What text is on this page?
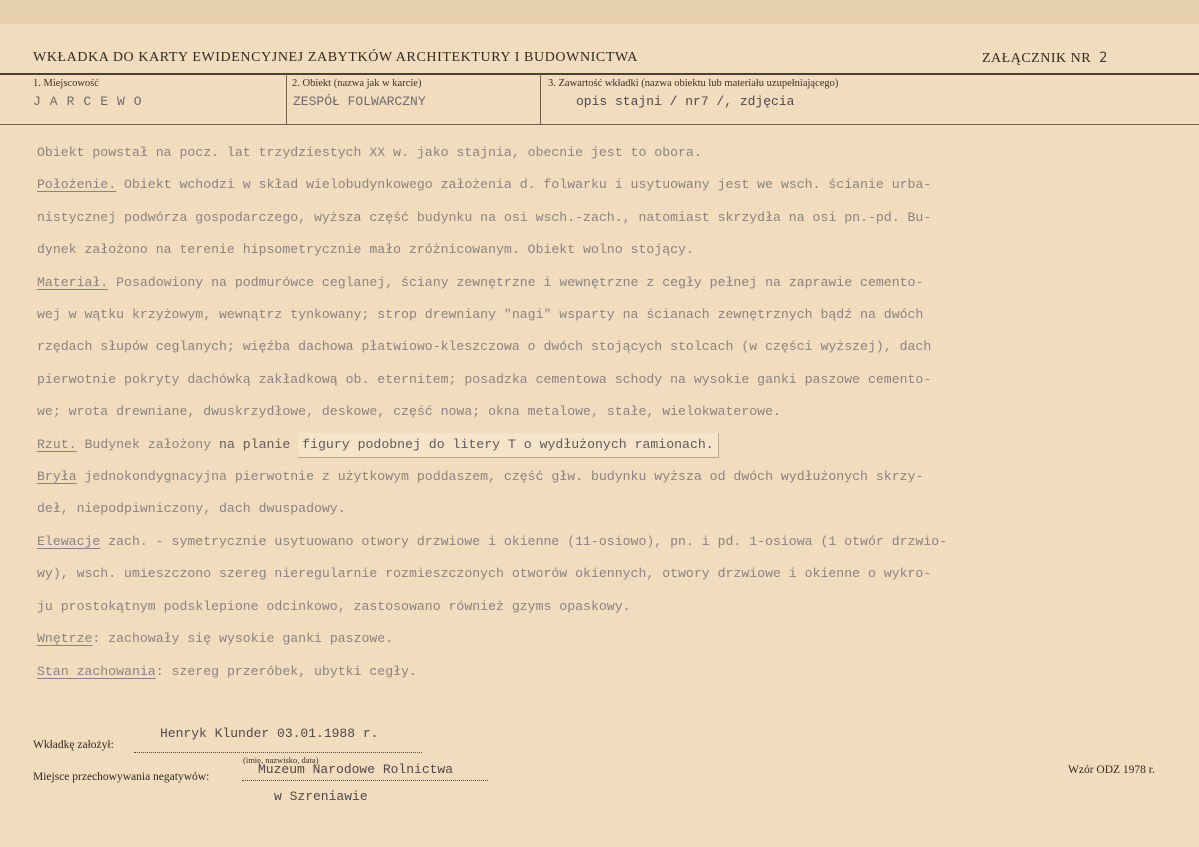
WKŁADKA DO KARTY EWIDENCYJNEJ ZABYTKÓW ARCHITEKTURY I BUDOWNICTWA	ZAŁĄCZNIK NR 2
1. Miejscowość
JARCEWO
2. Obiekt (nazwa jak w karcie)
ZESPÓŁ FOLWARCZNY
3. Zawartość wkładki (nazwa obiektu lub materiału uzupełniającego)
opis stajni / nr7 /, zdjęcia

Obiekt powstał na pocz. lat trzydziestych XX w. jako stajnia, obecnie jest to obora.

Położenie. Obiekt wchodzi w skład wielobudynkowego założenia d. folwarku i usytuowany jest we wsch. ścianie urba-

nistycznej podwórza gospodarczego, wyższa część budynku na osi wsch.-zach., natomiast skrzydła na osi pn.-pd. Bu-

dynek założono na terenie hipsometrycznie mało zróżnicowanym. Obiekt wolno stojący.

Materiał. Posadowiony na podmurówce ceglanej, ściany zewnętrzne i wewnętrzne z cegły pełnej na zaprawie cemento-

wej w wątku krzyżowym, wewnątrz tynkowany; strop drewniany "nagi" wsparty na ścianach zewnętrznych bądź na dwóch

rzędach słupów ceglanych; więźba dachowa płatwiowo-kleszczowa o dwóch stojących stolcach (w części wyższej), dach

pierwotnie pokryty dachówką zakładkową ob. eternitem; posadzka cementowa schody na wysokie ganki paszowe cemento-

we; wrota drewniane, dwuskrzydłowe, deskowe, część nowa; okna metalowe, stałe, wielokwaterowe.

Rzut. Budynek założony na planie figury podobnej do litery T o wydłużonych ramionach.

Bryła jednokondygnacyjna pierwotnie z użytkowym poddaszem, część głw. budynku wyższa od dwóch wydłużonych skrzy-

deł, niepodpiwniczony, dach dwuspadowy.

Elewacje zach. - symetrycznie usytuowano otwory drzwiowe i okienne (11-osiowo), pn. i pd. 1-osiowa (1 otwór drzwio-

wy), wsch. umieszczono szereg nieregularnie rozmieszczonych otworów okiennych, otwory drzwiowe i okienne o wykro-

ju prostokątnym podsklepione odcinkowo, zastosowano również gzyms opaskowy.

Wnętrze: zachowały się wysokie ganki paszowe.

Stan zachowania: szereg przeróbek, ubytki cegły.

Henryk Klunder 03.01.1988 r.
Wkładkę założył:
(imię, nazwisko, data)
Muzeum Narodowe Rolnictwa
Miejsce przechowywania negatywów:
w Szreniawie
Wzór ODZ 1978 r.
